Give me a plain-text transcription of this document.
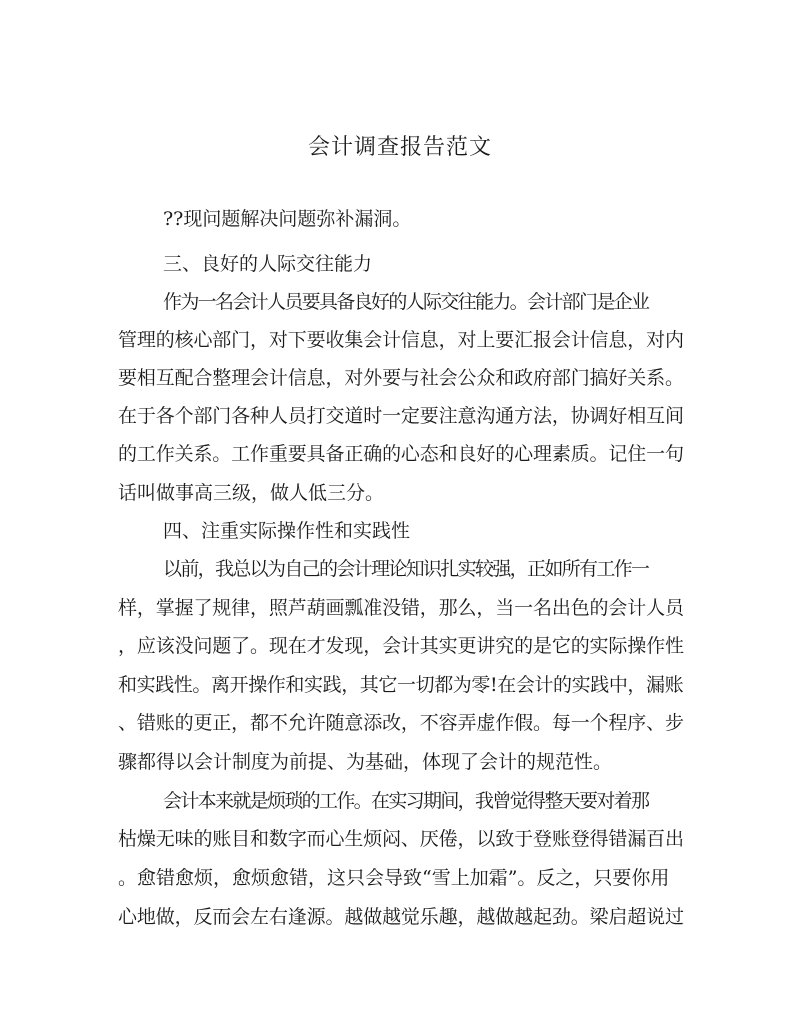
会计调查报告范文
??现问题解决问题弥补漏洞。
三、良好的人际交往能力
作为一名会计人员要具备良好的人际交往能力。会计部门是企业
管理的核心部门，对下要收集会计信息，对上要汇报会计信息，对内
要相互配合整理会计信息，对外要与社会公众和政府部门搞好关系。
在于各个部门各种人员打交道时一定要注意沟通方法，协调好相互间
的工作关系。工作重要具备正确的心态和良好的心理素质。记住一句
话叫做事高三级，做人低三分。
四、注重实际操作性和实践性
以前，我总以为自己的会计理论知识扎实较强，正如所有工作一
样，掌握了规律，照芦葫画瓢准没错，那么，当一名出色的会计人员
，应该没问题了。现在才发现，会计其实更讲究的是它的实际操作性
和实践性。离开操作和实践，其它一切都为零!在会计的实践中，漏账
、错账的更正，都不允许随意添改，不容弄虚作假。每一个程序、步
骤都得以会计制度为前提、为基础，体现了会计的规范性。
会计本来就是烦琐的工作。在实习期间，我曾觉得整天要对着那
枯燥无味的账目和数字而心生烦闷、厌倦，以致于登账登得错漏百出
。愈错愈烦，愈烦愈错，这只会导致“雪上加霜”。反之，只要你用
心地做，反而会左右逢源。越做越觉乐趣，越做越起劲。梁启超说过
